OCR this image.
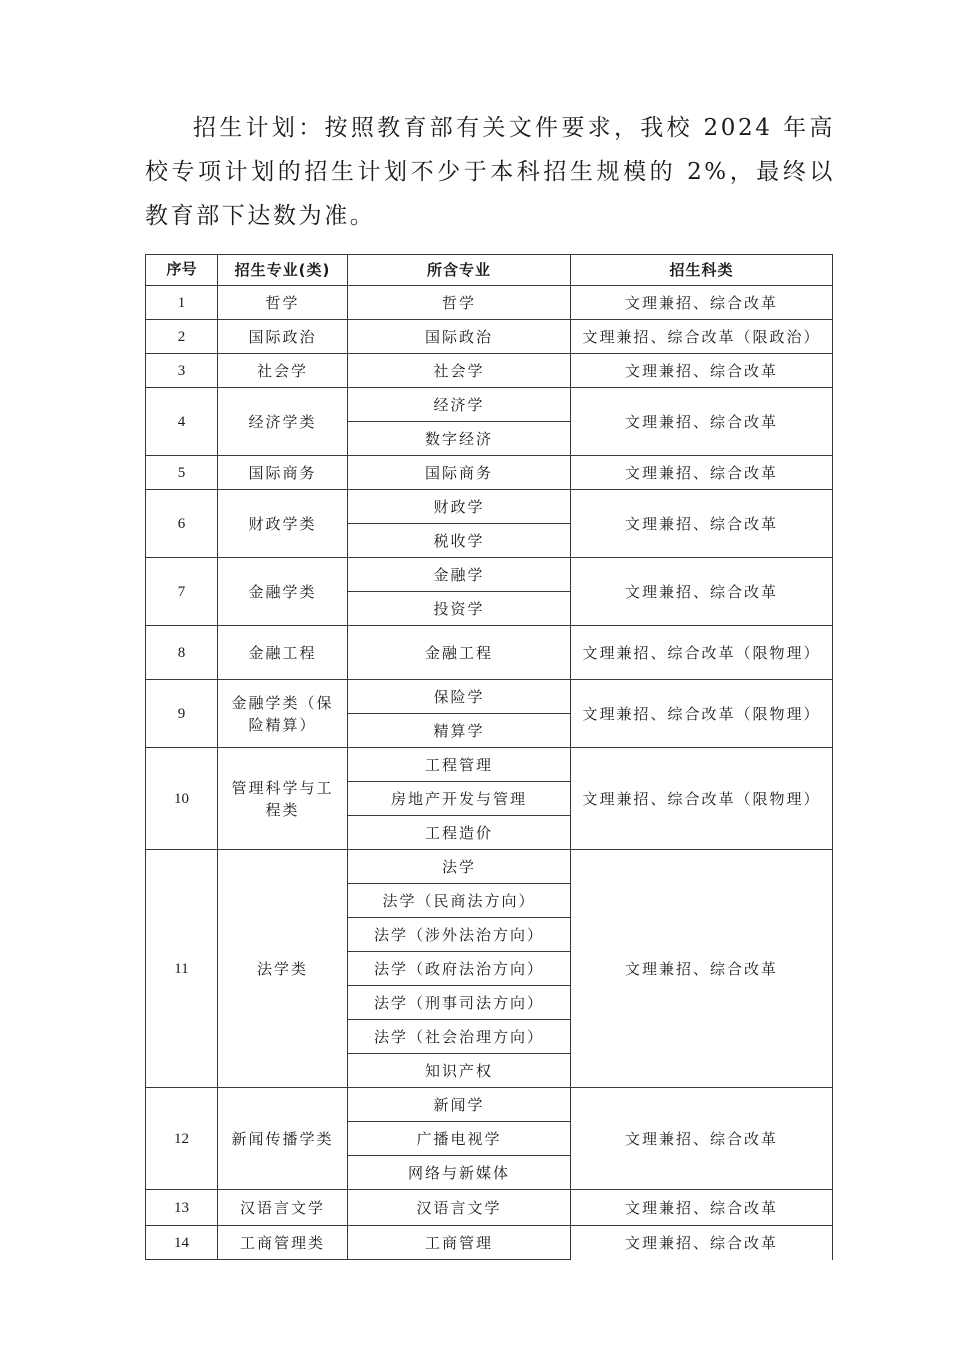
招生计划：按照教育部有关文件要求，我校 2024 年高校专项计划的招生计划不少于本科招生规模的 2%，最终以教育部下达数为准。

序号	招生专业(类)	所含专业	招生科类
1	哲学	哲学	文理兼招、综合改革
2	国际政治	国际政治	文理兼招、综合改革（限政治）
3	社会学	社会学	文理兼招、综合改革
4	经济学类	经济学	文理兼招、综合改革
		数字经济	
5	国际商务	国际商务	文理兼招、综合改革
6	财政学类	财政学	文理兼招、综合改革
		税收学	
7	金融学类	金融学	文理兼招、综合改革
		投资学	
8	金融工程	金融工程	文理兼招、综合改革（限物理）
9	金融学类（保险精算）	保险学	文理兼招、综合改革（限物理）
		精算学	
10	管理科学与工程类	工程管理	文理兼招、综合改革（限物理）
		房地产开发与管理	
		工程造价	
11	法学类	法学	文理兼招、综合改革
		法学（民商法方向）	
		法学（涉外法治方向）	
		法学（政府法治方向）	
		法学（刑事司法方向）	
		法学（社会治理方向）	
		知识产权	
12	新闻传播学类	新闻学	文理兼招、综合改革
		广播电视学	
		网络与新媒体	
13	汉语言文学	汉语言文学	文理兼招、综合改革
14	工商管理类	工商管理	文理兼招、综合改革
